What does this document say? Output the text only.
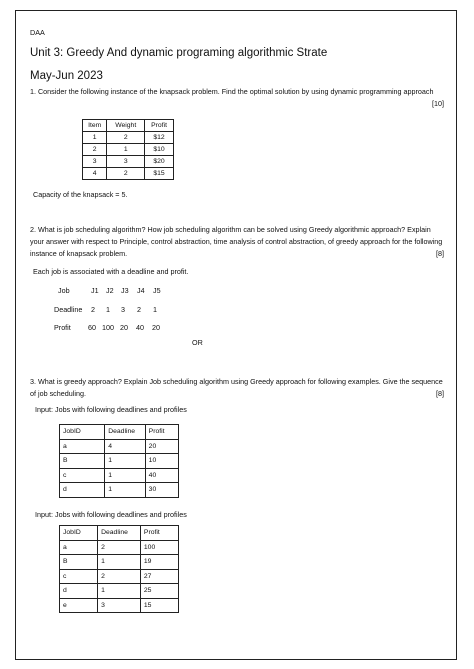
DAA
Unit 3: Greedy And dynamic programing algorithmic Strate
May-Jun 2023
1. Consider the following instance of the knapsack problem. Find the optimal solution by using dynamic programming approach
[10]
Item	Weight	Profit
1	2	$12
2	1	$10
3	3	$20
4	2	$15
Capacity of the knapsack = 5.
2. What is job scheduling algorithm? How job scheduling algorithm can be solved using Greedy algorithmic approach? Explain your answer with respect to Principle, control abstraction, time analysis of control abstraction, of greedy approach for the following instance of knapsack problem.	[8]
Each job is associated with a deadline and profit.
Job	J1 J2 J3 J4 J5
Deadline 2 1 3 2 1
Profit 60 100 20 40 20
OR
3. What is greedy approach? Explain Job scheduling algorithm using Greedy approach for following examples. Give the sequence of job scheduling.	[8]
Input: Jobs with following deadlines and profiles
JobID	Deadline	Profit
a	4	20
B	1	10
c	1	40
d	1	30
Input: Jobs with following deadlines and profiles
JobID	Deadline	Profit
a	2	100
B	1	19
c	2	27
d	1	25
e	3	15
